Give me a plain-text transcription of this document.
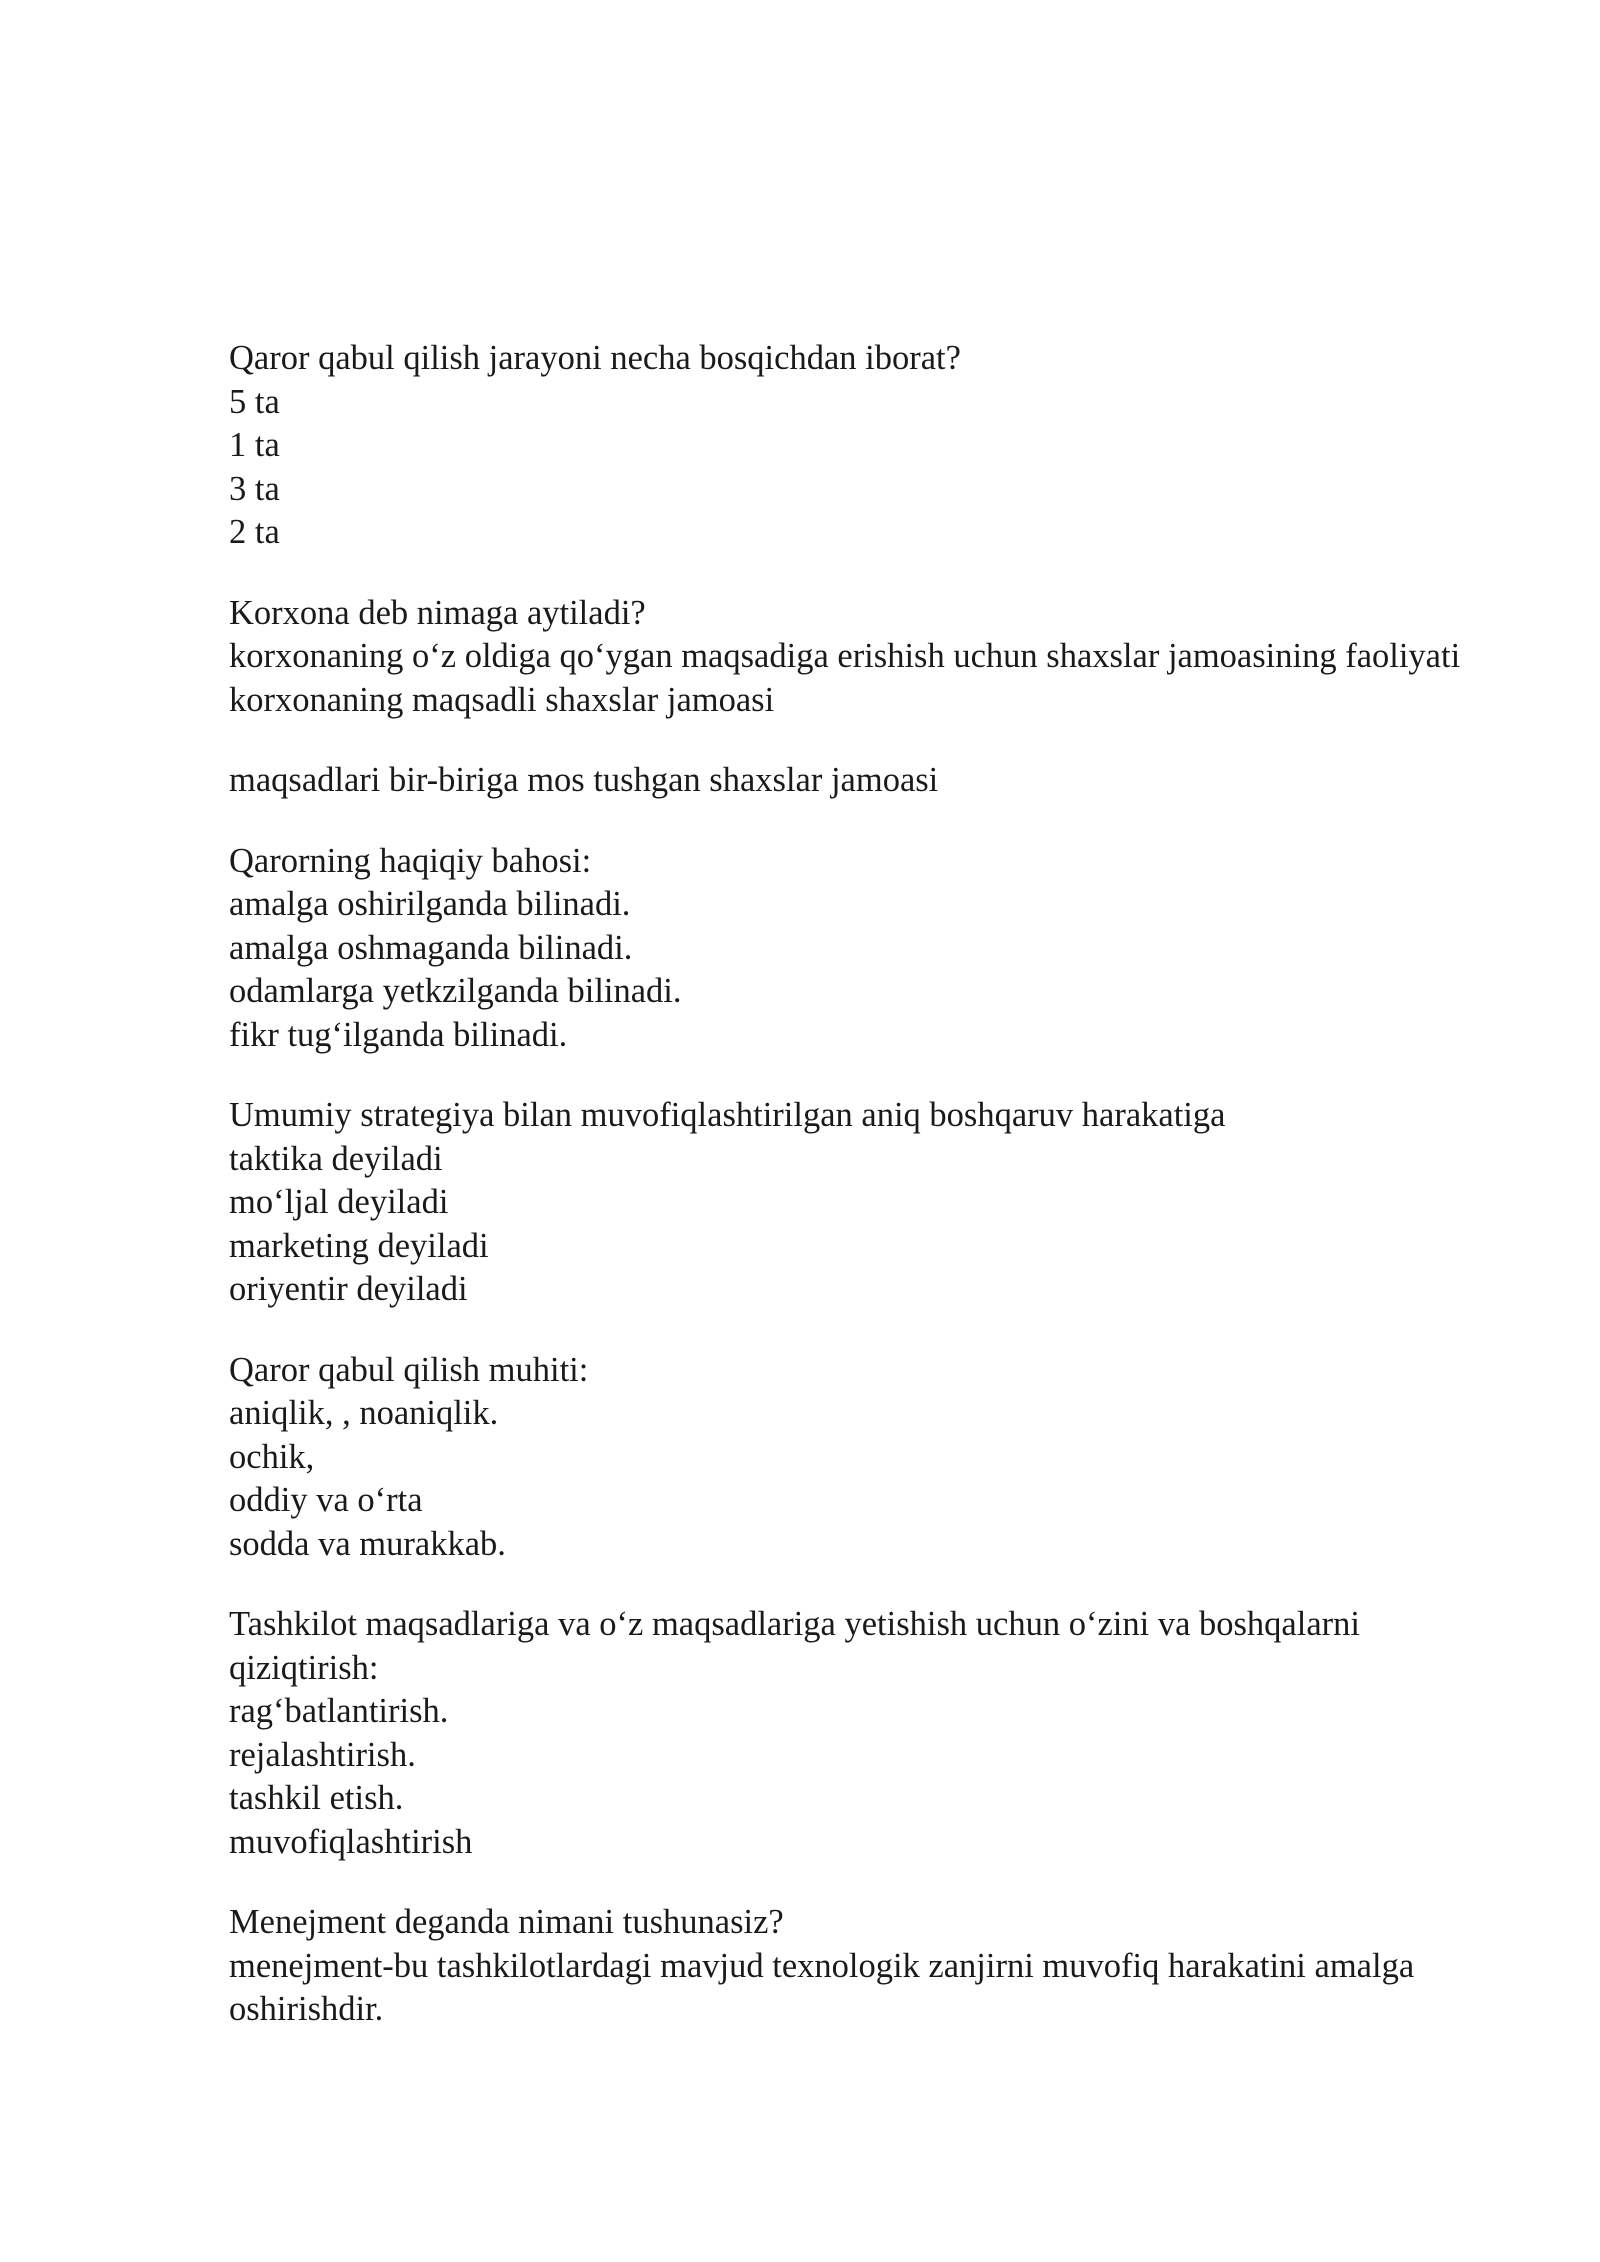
Qaror qabul qilish jarayoni necha bosqichdan iborat?
5 ta
1 ta
3 ta
2 ta
Korxona deb nimaga aytiladi?
korxonaning o‘z oldiga qo‘ygan maqsadiga erishish uchun shaxslar jamoasining faoliyati
korxonaning maqsadli shaxslar jamoasi
maqsadlari bir-biriga mos tushgan shaxslar jamoasi
Qarorning haqiqiy bahosi:
amalga oshirilganda bilinadi.
amalga oshmaganda bilinadi.
odamlarga yetkzilganda bilinadi.
fikr tug‘ilganda bilinadi.
Umumiy strategiya bilan muvofiqlashtirilgan aniq boshqaruv harakatiga
taktika deyiladi
mo‘ljal deyiladi
marketing deyiladi
oriyentir deyiladi
Qaror qabul qilish muhiti:
aniqlik, , noaniqlik.
ochik,
oddiy va o‘rta
sodda va murakkab.
Tashkilot maqsadlariga va o‘z maqsadlariga yetishish uchun o‘zini va boshqalarni qiziqtirish:
rag‘batlantirish.
rejalashtirish.
tashkil etish.
muvofiqlashtirish
Menejment deganda nimani tushunasiz?
menejment-bu tashkilotlardagi mavjud texnologik zanjirni muvofiq harakatini amalga oshirishdir.
